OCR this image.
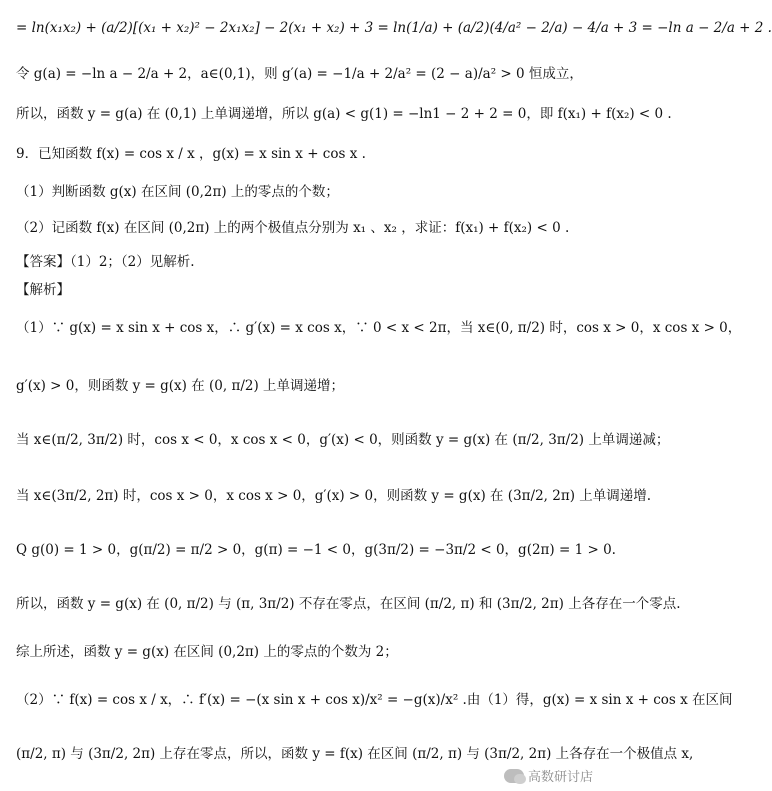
= ln(x₁x₂) + (a/2)[(x₁ + x₂)² − 2x₁x₂] − 2(x₁ + x₂) + 3 = ln(1/a) + (a/2)(4/a² − 2/a) − 4/a + 3 = −ln a − 2/a + 2 .
令 g(a) = −ln a − 2/a + 2，a∈(0,1)，则 g′(a) = −1/a + 2/a² = (2 − a)/a² > 0 恒成立，
所以，函数 y = g(a) 在 (0,1) 上单调递增，所以 g(a) < g(1) = −ln1 − 2 + 2 = 0，即 f(x₁) + f(x₂) < 0 .
9．已知函数 f(x) = cos x / x ，g(x) = x sin x + cos x .
（1）判断函数 g(x) 在区间 (0,2π) 上的零点的个数；
（2）记函数 f(x) 在区间 (0,2π) 上的两个极值点分别为 x₁ 、x₂ ，求证：f(x₁) + f(x₂) < 0 .
【答案】（1）2；（2）见解析.
【解析】
（1）∵ g(x) = x sin x + cos x，∴ g′(x) = x cos x，∵ 0 < x < 2π，当 x∈(0, π/2) 时，cos x > 0，x cos x > 0，
g′(x) > 0，则函数 y = g(x) 在 (0, π/2) 上单调递增；
当 x∈(π/2, 3π/2) 时，cos x < 0，x cos x < 0，g′(x) < 0，则函数 y = g(x) 在 (π/2, 3π/2) 上单调递减；
当 x∈(3π/2, 2π) 时，cos x > 0，x cos x > 0，g′(x) > 0，则函数 y = g(x) 在 (3π/2, 2π) 上单调递增.
Q g(0) = 1 > 0，g(π/2) = π/2 > 0，g(π) = −1 < 0，g(3π/2) = −3π/2 < 0，g(2π) = 1 > 0.
所以，函数 y = g(x) 在 (0, π/2) 与 (π, 3π/2) 不存在零点，在区间 (π/2, π) 和 (3π/2, 2π) 上各存在一个零点.
综上所述，函数 y = g(x) 在区间 (0,2π) 上的零点的个数为 2；
（2）∵ f(x) = cos x / x，∴ f′(x) = −(x sin x + cos x)/x² = −g(x)/x² .由（1）得，g(x) = x sin x + cos x 在区间
(π/2, π) 与 (3π/2, 2π) 上存在零点，所以，函数 y = f(x) 在区间 (π/2, π) 与 (3π/2, 2π) 上各存在一个极值点 x,
高数研讨店
